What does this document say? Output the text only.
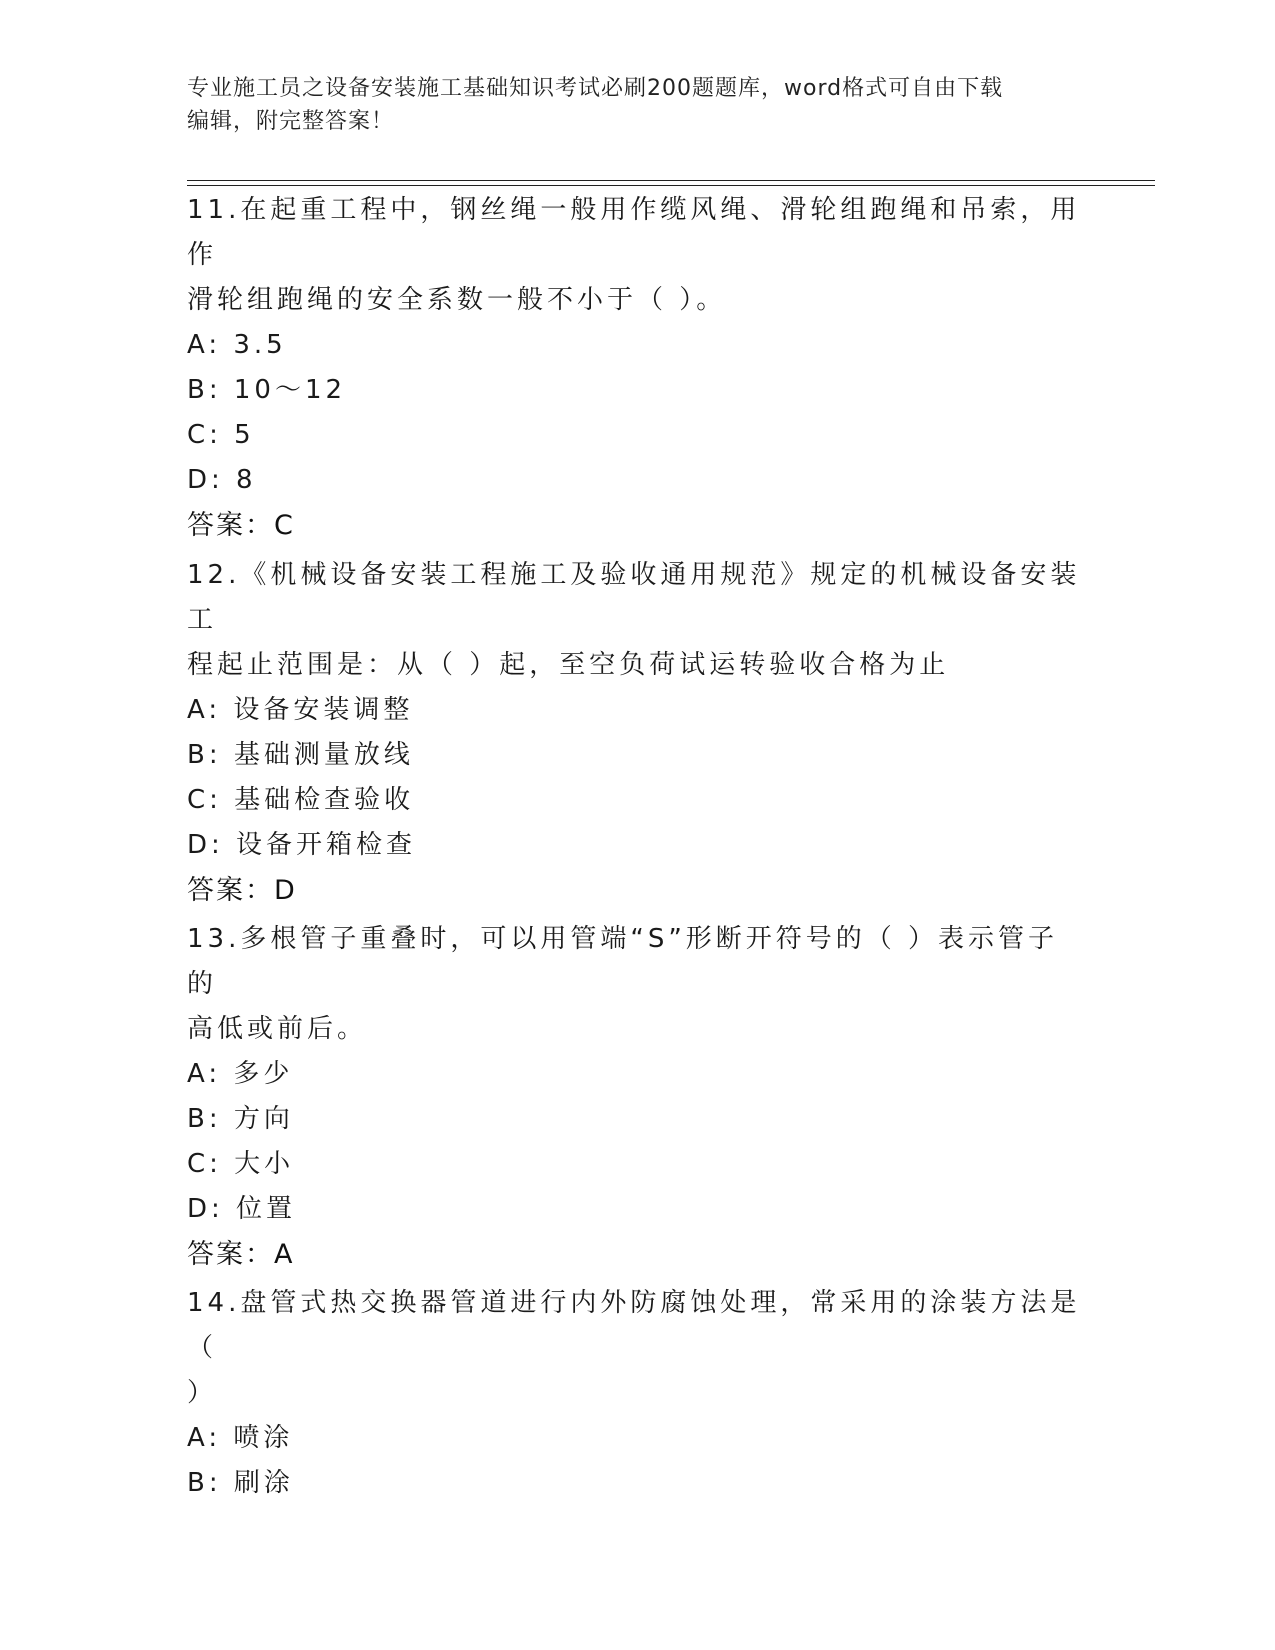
专业施工员之设备安装施工基础知识考试必刷200题题库，word格式可自由下载
编辑，附完整答案！
11.在起重工程中，钢丝绳一般用作缆风绳、滑轮组跑绳和吊索，用作
滑轮组跑绳的安全系数一般不小于（ ）。
A: 3.5
B: 10～12
C: 5
D: 8
答案：C
12.《机械设备安装工程施工及验收通用规范》规定的机械设备安装工
程起止范围是：从（ ）起，至空负荷试运转验收合格为止
A: 设备安装调整
B: 基础测量放线
C: 基础检查验收
D: 设备开箱检查
答案：D
13.多根管子重叠时，可以用管端“S”形断开符号的（ ）表示管子的
高低或前后。
A: 多少
B: 方向
C: 大小
D: 位置
答案：A
14.盘管式热交换器管道进行内外防腐蚀处理，常采用的涂装方法是（
）
A: 喷涂
B: 刷涂
